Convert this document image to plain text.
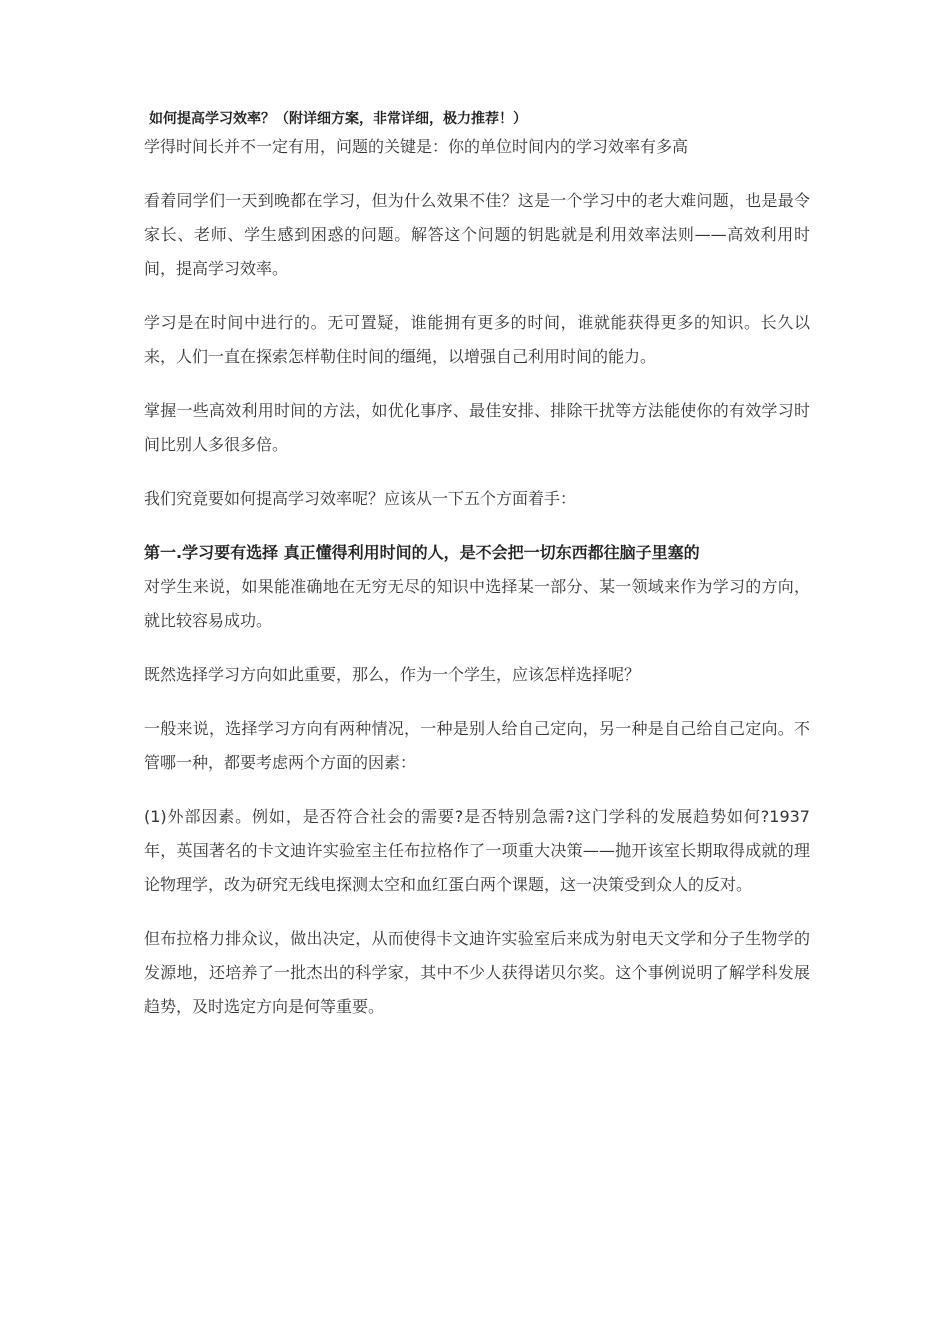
如何提高学习效率？（附详细方案，非常详细，极力推荐！）
学得时间长并不一定有用，问题的关键是：你的单位时间内的学习效率有多高
看着同学们一天到晚都在学习，但为什么效果不佳？这是一个学习中的老大难问题，也是最令家长、老师、学生感到困惑的问题。解答这个问题的钥匙就是利用效率法则——高效利用时间，提高学习效率。
学习是在时间中进行的。无可置疑，谁能拥有更多的时间，谁就能获得更多的知识。长久以来，人们一直在探索怎样勒住时间的缰绳，以增强自己利用时间的能力。
掌握一些高效利用时间的方法，如优化事序、最佳安排、排除干扰等方法能使你的有效学习时间比别人多很多倍。
我们究竟要如何提高学习效率呢？应该从一下五个方面着手：
第一.学习要有选择 真正懂得利用时间的人，是不会把一切东西都往脑子里塞的
对学生来说，如果能准确地在无穷无尽的知识中选择某一部分、某一领域来作为学习的方向，就比较容易成功。
既然选择学习方向如此重要，那么，作为一个学生，应该怎样选择呢？
一般来说，选择学习方向有两种情况，一种是别人给自己定向，另一种是自己给自己定向。不管哪一种，都要考虑两个方面的因素：
(1)外部因素。例如，是否符合社会的需要?是否特别急需?这门学科的发展趋势如何?1937 年，英国著名的卡文迪许实验室主任布拉格作了一项重大决策——抛开该室长期取得成就的理论物理学，改为研究无线电探测太空和血红蛋白两个课题，这一决策受到众人的反对。
但布拉格力排众议，做出决定，从而使得卡文迪许实验室后来成为射电天文学和分子生物学的发源地，还培养了一批杰出的科学家，其中不少人获得诺贝尔奖。这个事例说明了解学科发展趋势，及时选定方向是何等重要。
